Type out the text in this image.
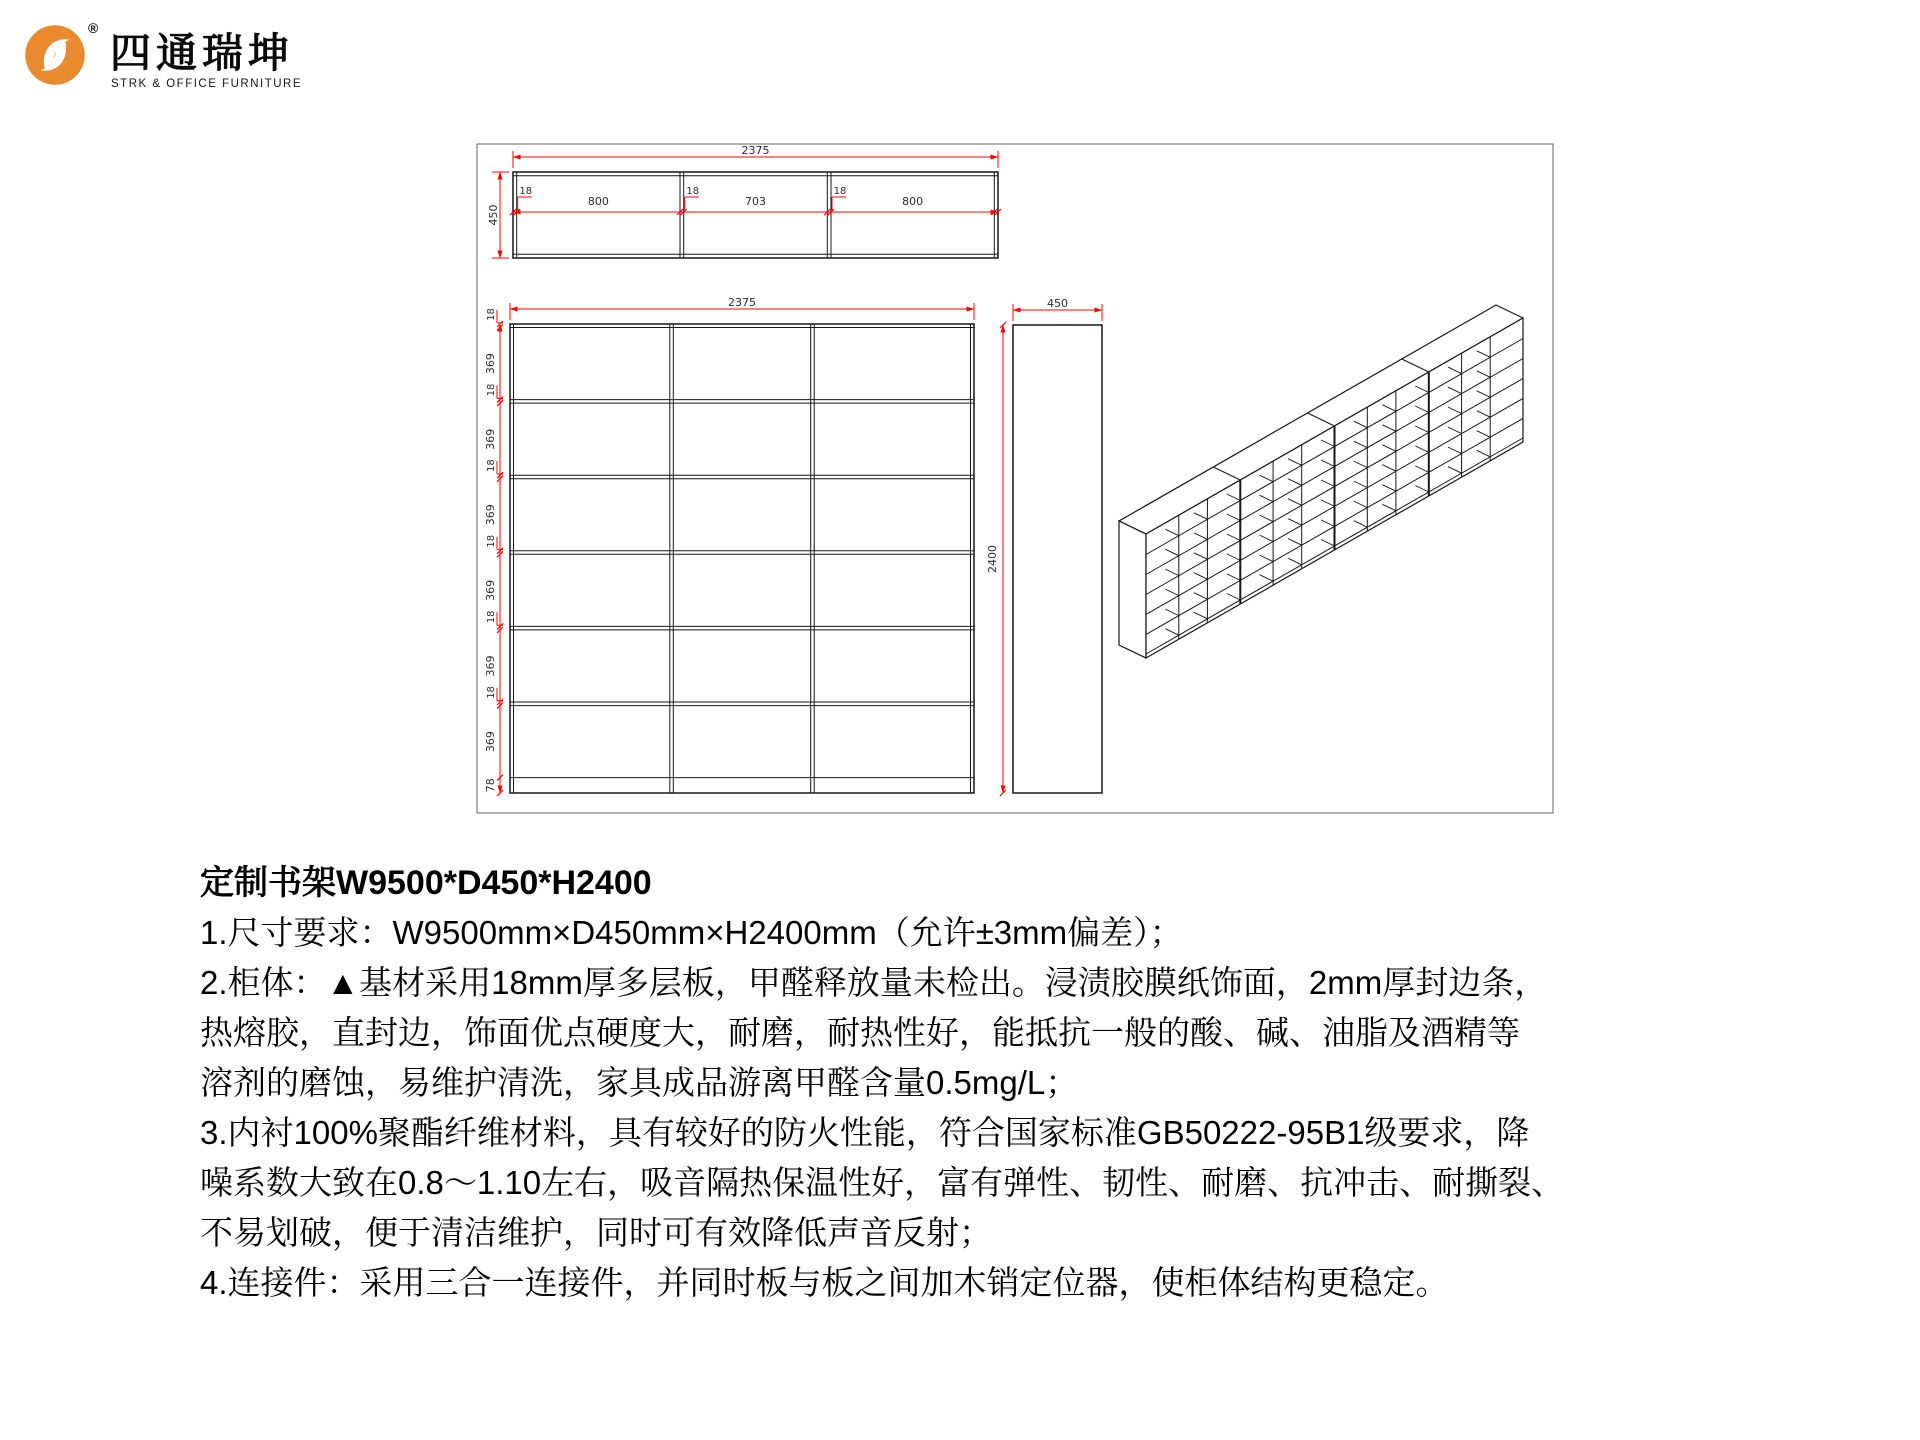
®
四通瑞坤
STRK & OFFICE FURNITURE
2375
450
800	703	800
18	18	18
2375
18
369
18
369
18
369
18
369
18
369
18
369
78
450
2400
定制书架W9500*D450*H2400
1.尺寸要求：W9500mm×D450mm×H2400mm（允许±3mm偏差）；
2.柜体：▲基材采用18mm厚多层板，甲醛释放量未检出。浸渍胶膜纸饰面，2mm厚封边条，
热熔胶，直封边，饰面优点硬度大，耐磨，耐热性好，能抵抗一般的酸、碱、油脂及酒精等
溶剂的磨蚀，易维护清洗，家具成品游离甲醛含量0.5mg/L；
3.内衬100%聚酯纤维材料，具有较好的防火性能，符合国家标准GB50222-95B1级要求，降
噪系数大致在0.8～1.10左右，吸音隔热保温性好，富有弹性、韧性、耐磨、抗冲击、耐撕裂、
不易划破，便于清洁维护，同时可有效降低声音反射；
4.连接件：采用三合一连接件，并同时板与板之间加木销定位器，使柜体结构更稳定。
